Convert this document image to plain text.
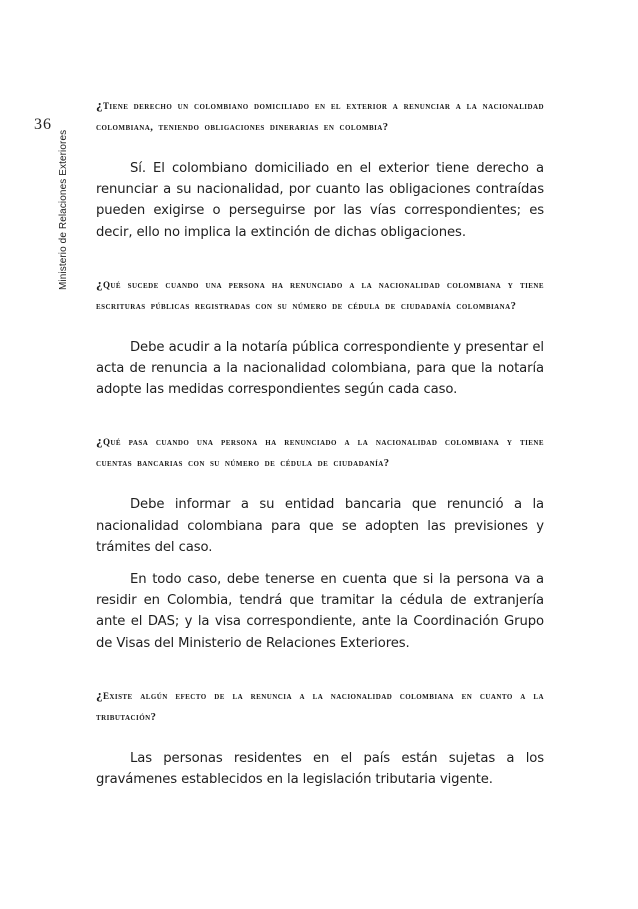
Ministerio de Relaciones Exteriores
36

¿tiene derecho un colombiano domiciliado en el exterior a renunciar a la nacionalidad colombiana, teniendo obligaciones dinerarias en colombia?

Sí. El colombiano domiciliado en el exterior tiene derecho a renunciar a su nacionalidad, por cuanto las obligaciones contraídas pueden exigirse o perseguirse por las vías correspondientes; es decir, ello no implica la extinción de dichas obligaciones.

¿qué sucede cuando una persona ha renunciado a la nacionalidad colombiana y tiene escrituras públicas registradas con su número de cédula de ciudadanía colombiana?

Debe acudir a la notaría pública correspondiente y presentar el acta de renuncia a la nacionalidad colombiana, para que la notaría adopte las medidas correspondientes según cada caso.

¿qué pasa cuando una persona ha renunciado a la nacionalidad colombiana y tiene cuentas bancarias con su número de cédula de ciudadanía?

Debe informar a su entidad bancaria que renunció a la nacionalidad colombiana para que se adopten las previsiones y trámites del caso.

En todo caso, debe tenerse en cuenta que si la persona va a residir en Colombia, tendrá que tramitar la cédula de extranjería ante el DAS; y la visa correspondiente, ante la Coordinación Grupo de Visas del Ministerio de Relaciones Exteriores.

¿existe algún efecto de la renuncia a la nacionalidad colombiana en cuanto a la tributación?

Las personas residentes en el país están sujetas a los gravámenes establecidos en la legislación tributaria vigente.
